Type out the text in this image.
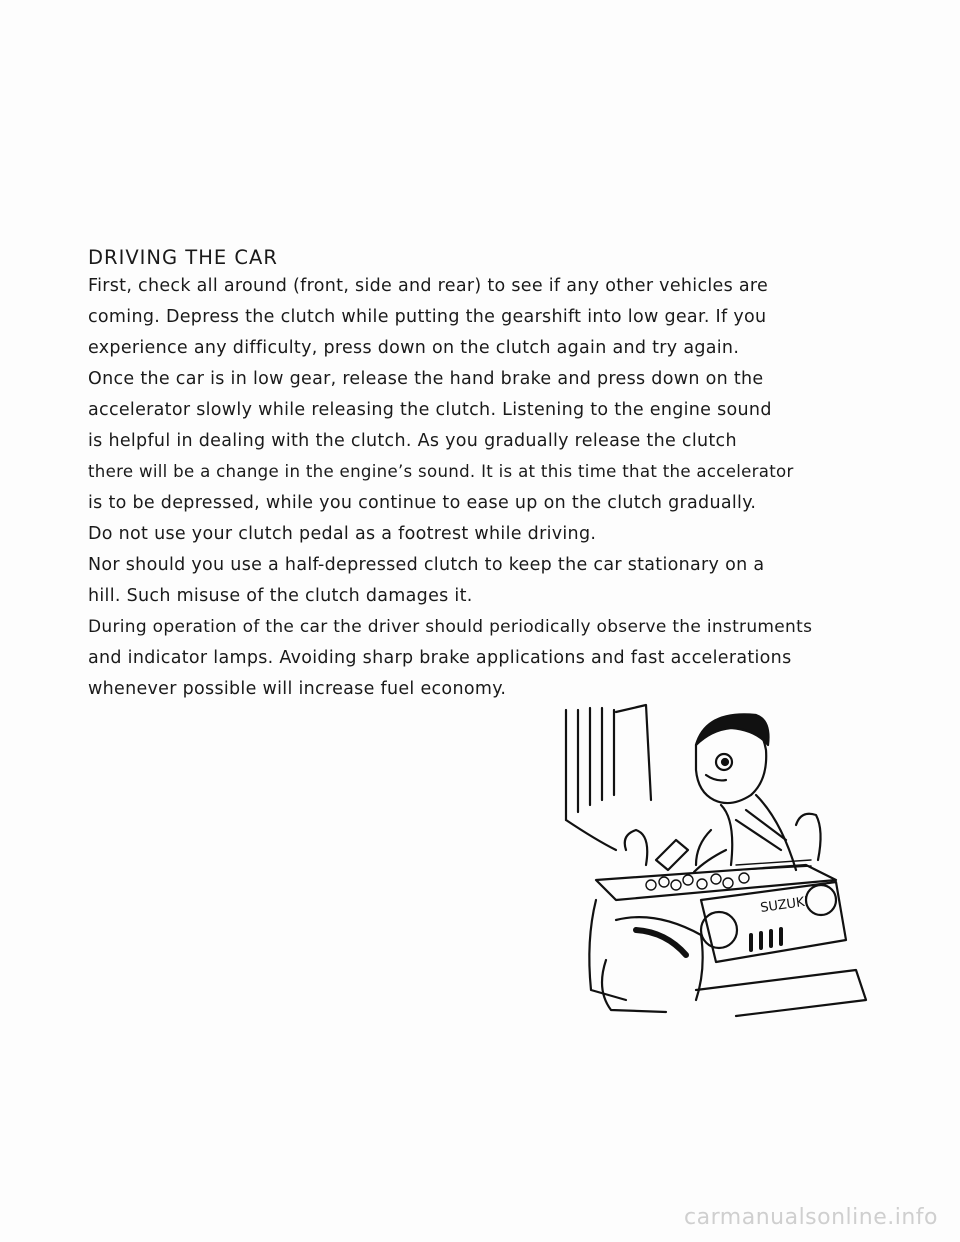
DRIVING THE CAR

First, check all around (front, side and rear) to see if any other vehicles are

coming. Depress the clutch while putting the gearshift into low gear. If you

experience any difficulty, press down on the clutch again and try again.

Once the car is in low gear, release the hand brake and press down on the

accelerator slowly while releasing the clutch. Listening to the engine sound

is helpful in dealing with the clutch. As you gradually release the clutch

there will be a change in the engine’s sound. It is at this time that the accelerator

is to be depressed, while you continue to ease up on the clutch gradually.

Do not use your clutch pedal as a footrest while driving.

Nor should you use a half-depressed clutch to keep the car stationary on a

hill. Such misuse of the clutch damages it.

During operation of the car the driver should periodically observe the instruments

and indicator lamps. Avoiding sharp brake applications and fast accelerations

whenever possible will increase fuel economy.

SUZUKI
carmanualsonline.info
